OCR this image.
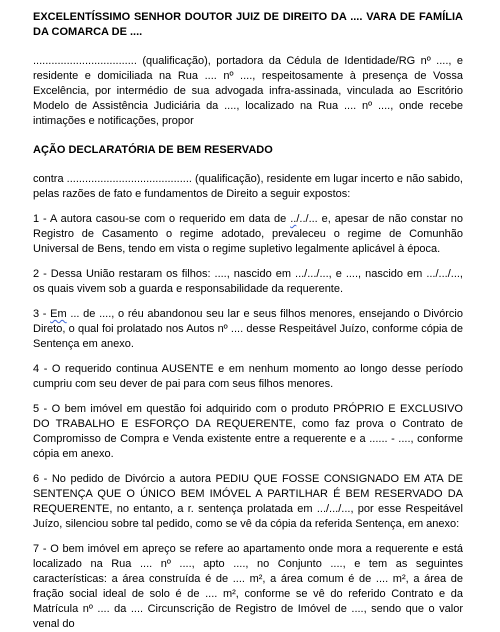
EXCELENTÍSSIMO SENHOR DOUTOR JUIZ DE DIREITO DA .... VARA DE FAMÍLIA DA COMARCA DE ....

.................................. (qualificação), portadora da Cédula de Identidade/RG nº ...., e residente e domiciliada na Rua .... nº ...., respeitosamente à presença de Vossa Excelência, por intermédio de sua advogada infra-assinada, vinculada ao Escritório Modelo de Assistência Judiciária da ...., localizado na Rua .... nº ...., onde recebe intimações e notificações, propor

AÇÃO DECLARATÓRIA DE BEM RESERVADO

contra ......................................... (qualificação), residente em lugar incerto e não sabido, pelas razões de fato e fundamentos de Direito a seguir expostos:

1 - A autora casou-se com o requerido em data de ../../... e, apesar de não constar no Registro de Casamento o regime adotado, prevaleceu o regime de Comunhão Universal de Bens, tendo em vista o regime supletivo legalmente aplicável à época.

2 - Dessa União restaram os filhos: ...., nascido em .../.../..., e ...., nascido em .../.../..., os quais vivem sob a guarda e responsabilidade da requerente.

3 - Em ... de ...., o réu abandonou seu lar e seus filhos menores, ensejando o Divórcio Direto, o qual foi prolatado nos Autos nº .... desse Respeitável Juízo, conforme cópia de Sentença em anexo.

4 - O requerido continua AUSENTE e em nenhum momento ao longo desse período cumpriu com seu dever de pai para com seus filhos menores.

5 - O bem imóvel em questão foi adquirido com o produto PRÓPRIO E EXCLUSIVO DO TRABALHO E ESFORÇO DA REQUERENTE, como faz prova o Contrato de Compromisso de Compra e Venda existente entre a requerente e a ...... - ...., conforme cópia em anexo.

6 - No pedido de Divórcio a autora PEDIU QUE FOSSE CONSIGNADO EM ATA DE SENTENÇA QUE O ÚNICO BEM IMÓVEL A PARTILHAR É BEM RESERVADO DA REQUERENTE, no entanto, a r. sentença prolatada em .../.../..., por esse Respeitável Juízo, silenciou sobre tal pedido, como se vê da cópia da referida Sentença, em anexo:

7 - O bem imóvel em apreço se refere ao apartamento onde mora a requerente e está localizado na Rua .... nº ...., apto ...., no Conjunto ...., e tem as seguintes características: a área construída é de .... m², a área comum é de .... m², a área de fração social ideal de solo é de .... m², conforme se vê do referido Contrato e da Matrícula nº .... da .... Circunscrição de Registro de Imóvel de ...., sendo que o valor venal do
